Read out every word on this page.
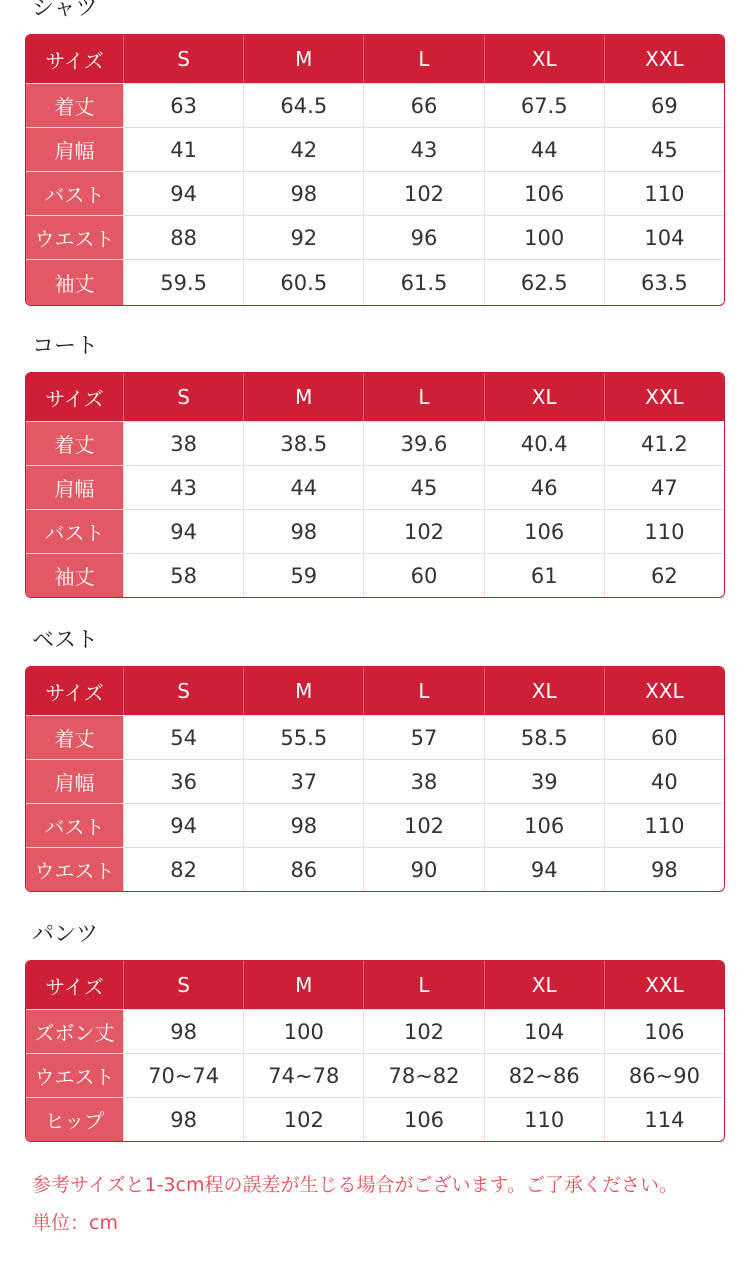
シャツ
サイズ	S	M	L	XL	XXL
着丈	63	64.5	66	67.5	69
肩幅	41	42	43	44	45
バスト	94	98	102	106	110
ウエスト	88	92	96	100	104
袖丈	59.5	60.5	61.5	62.5	63.5
コート
サイズ	S	M	L	XL	XXL
着丈	38	38.5	39.6	40.4	41.2
肩幅	43	44	45	46	47
バスト	94	98	102	106	110
袖丈	58	59	60	61	62
ベスト
サイズ	S	M	L	XL	XXL
着丈	54	55.5	57	58.5	60
肩幅	36	37	38	39	40
バスト	94	98	102	106	110
ウエスト	82	86	90	94	98
パンツ
サイズ	S	M	L	XL	XXL
ズボン丈	98	100	102	104	106
ウエスト	70~74	74~78	78~82	82~86	86~90
ヒップ	98	102	106	110	114
参考サイズと1-3cm程の誤差が生じる場合がございます。ご了承ください。
単位：cm
